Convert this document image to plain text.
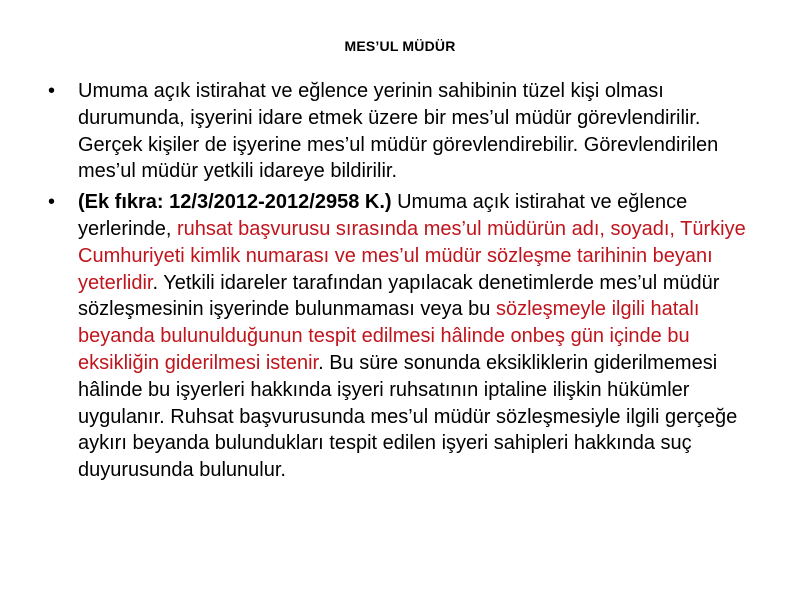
MES’UL MÜDÜR
• Umuma açık istirahat ve eğlence yerinin sahibinin tüzel kişi olması durumunda, işyerini idare etmek üzere bir mes’ul müdür görevlendirilir. Gerçek kişiler de işyerine mes’ul müdür görevlendirebilir. Görevlendirilen mes’ul müdür yetkili idareye bildirilir.
• (Ek fıkra: 12/3/2012-2012/2958 K.) Umuma açık istirahat ve eğlence yerlerinde, ruhsat başvurusu sırasında mes’ul müdürün adı, soyadı, Türkiye Cumhuriyeti kimlik numarası ve mes’ul müdür sözleşme tarihinin beyanı yeterlidir. Yetkili idareler tarafından yapılacak denetimlerde mes’ul müdür sözleşmesinin işyerinde bulunmaması veya bu sözleşmeyle ilgili hatalı beyanda bulunulduğunun tespit edilmesi hâlinde onbeş gün içinde bu eksikliğin giderilmesi istenir. Bu süre sonunda eksikliklerin giderilmemesi hâlinde bu işyerleri hakkında işyeri ruhsatının iptaline ilişkin hükümler uygulanır. Ruhsat başvurusunda mes’ul müdür sözleşmesiyle ilgili gerçeğe aykırı beyanda bulundukları tespit edilen işyeri sahipleri hakkında suç duyurusunda bulunulur.
